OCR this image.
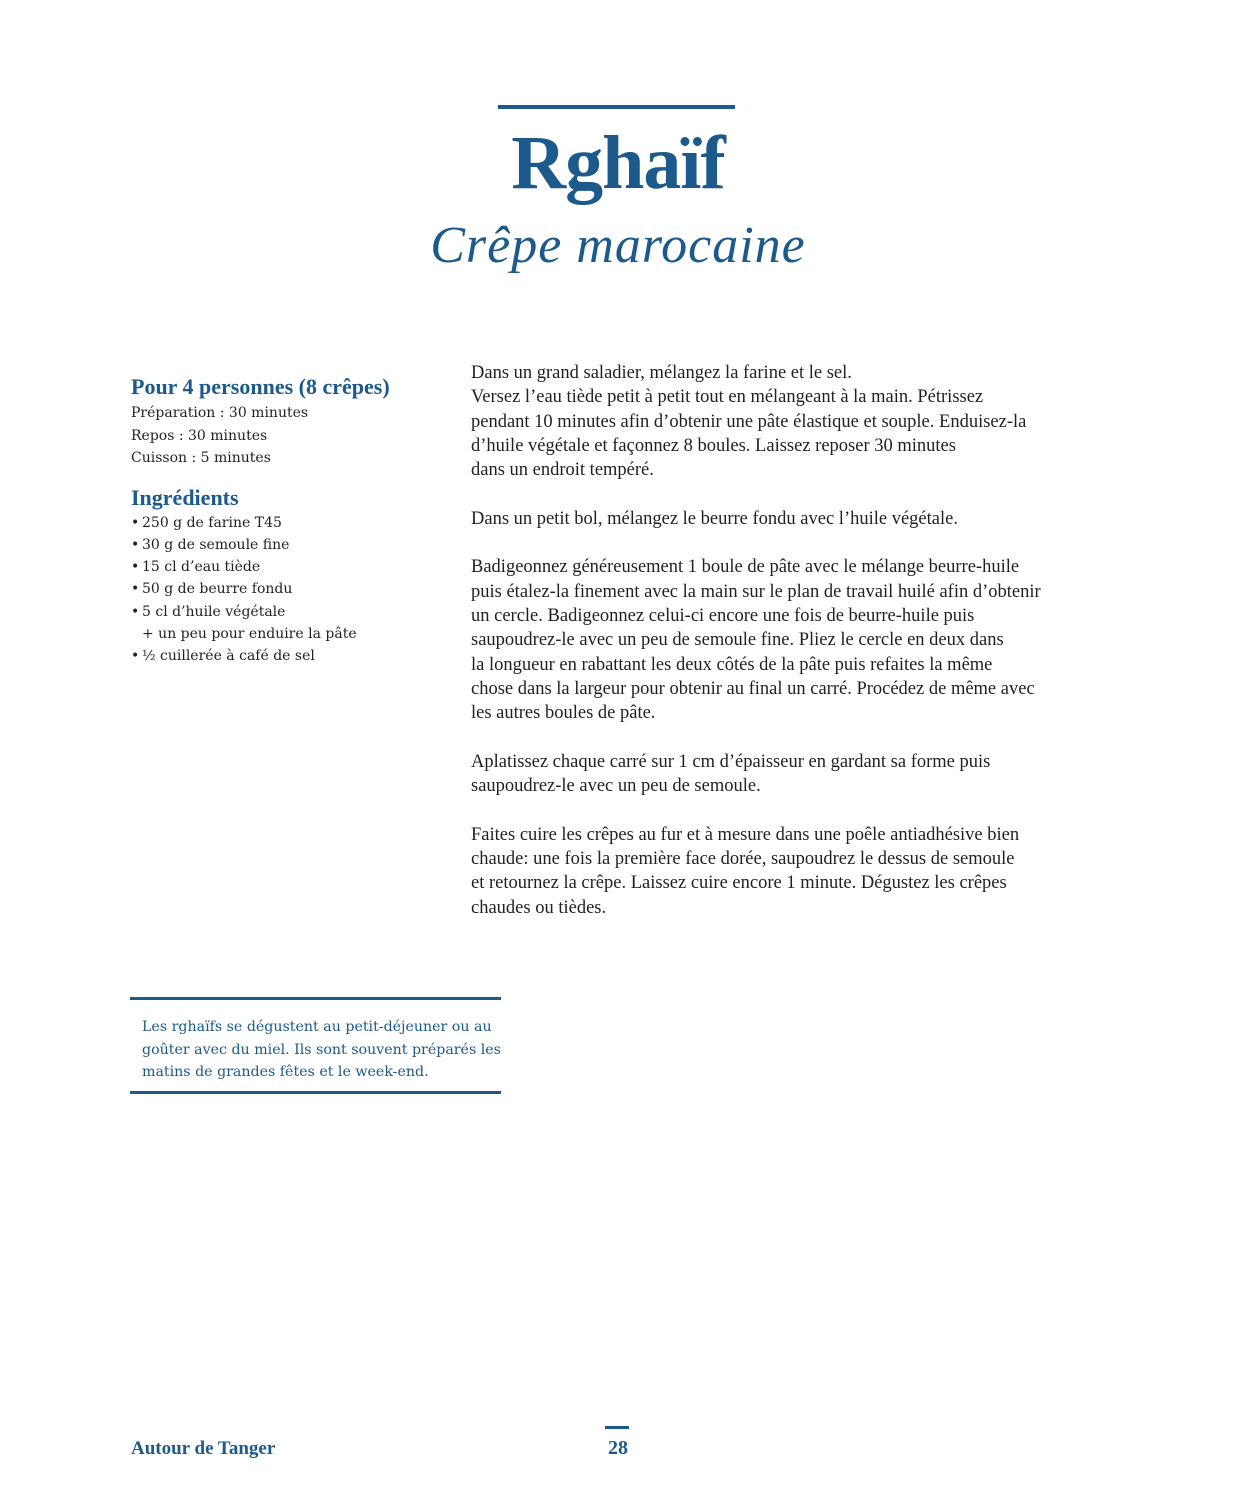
Rghaïf
Crêpe marocaine
Pour 4 personnes (8 crêpes)
Préparation : 30 minutes
Repos : 30 minutes
Cuisson : 5 minutes
Ingrédients
• 250 g de farine T45
• 30 g de semoule fine
• 15 cl d’eau tiède
• 50 g de beurre fondu
• 5 cl d’huile végétale
+ un peu pour enduire la pâte
• ½ cuillerée à café de sel

Dans un grand saladier, mélangez la farine et le sel.
Versez l’eau tiède petit à petit tout en mélangeant à la main. Pétrissez
pendant 10 minutes afin d’obtenir une pâte élastique et souple. Enduisez-la
d’huile végétale et façonnez 8 boules. Laissez reposer 30 minutes
dans un endroit tempéré.

Dans un petit bol, mélangez le beurre fondu avec l’huile végétale.

Badigeonnez généreusement 1 boule de pâte avec le mélange beurre-huile
puis étalez-la finement avec la main sur le plan de travail huilé afin d’obtenir
un cercle. Badigeonnez celui-ci encore une fois de beurre-huile puis
saupoudrez-le avec un peu de semoule fine. Pliez le cercle en deux dans
la longueur en rabattant les deux côtés de la pâte puis refaites la même
chose dans la largeur pour obtenir au final un carré. Procédez de même avec
les autres boules de pâte.

Aplatissez chaque carré sur 1 cm d’épaisseur en gardant sa forme puis
saupoudrez-le avec un peu de semoule.

Faites cuire les crêpes au fur et à mesure dans une poêle antiadhésive bien
chaude: une fois la première face dorée, saupoudrez le dessus de semoule
et retournez la crêpe. Laissez cuire encore 1 minute. Dégustez les crêpes
chaudes ou tièdes.

Les rghaïfs se dégustent au petit-déjeuner ou au
goûter avec du miel. Ils sont souvent préparés les
matins de grandes fêtes et le week-end.
Autour de Tanger	28
